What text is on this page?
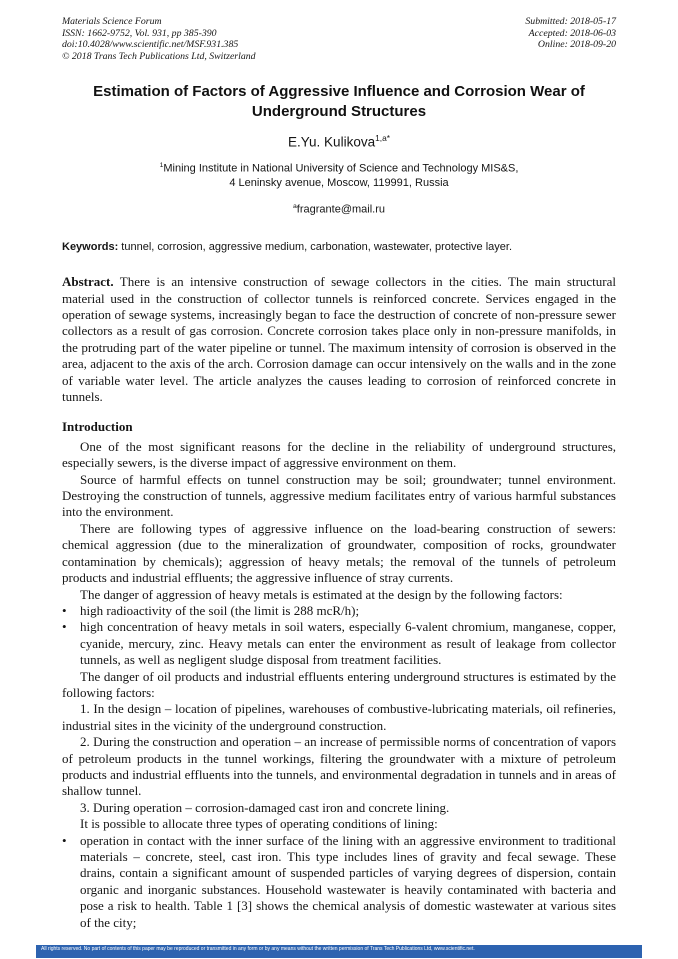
Materials Science Forum
ISSN: 1662-9752, Vol. 931, pp 385-390
doi:10.4028/www.scientific.net/MSF.931.385
© 2018 Trans Tech Publications Ltd, Switzerland
Submitted: 2018-05-17
Accepted: 2018-06-03
Online: 2018-09-20
Estimation of Factors of Aggressive Influence and Corrosion Wear of Underground Structures
E.Yu. Kulikova$^{1,a*}$
$^1$Mining Institute in National University of Science and Technology MIS&S,
4 Leninsky avenue, Moscow, 119991, Russia
$^a$fragrante@mail.ru

Keywords: tunnel, corrosion, aggressive medium, carbonation, wastewater, protective layer.

Abstract. There is an intensive construction of sewage collectors in the cities. The main structural material used in the construction of collector tunnels is reinforced concrete. Services engaged in the operation of sewage systems, increasingly began to face the destruction of concrete of non-pressure sewer collectors as a result of gas corrosion. Concrete corrosion takes place only in non-pressure manifolds, in the protruding part of the water pipeline or tunnel. The maximum intensity of corrosion is observed in the area, adjacent to the axis of the arch. Corrosion damage can occur intensively on the walls and in the zone of variable water level. The article analyzes the causes leading to corrosion of reinforced concrete in tunnels.

Introduction

One of the most significant reasons for the decline in the reliability of underground structures, especially sewers, is the diverse impact of aggressive environment on them.

Source of harmful effects on tunnel construction may be soil; groundwater; tunnel environment. Destroying the construction of tunnels, aggressive medium facilitates entry of various harmful substances into the environment.

There are following types of aggressive influence on the load-bearing construction of sewers: chemical aggression (due to the mineralization of groundwater, composition of rocks, groundwater contamination by chemicals); aggression of heavy metals; the removal of the tunnels of petroleum products and industrial effluents; the aggressive influence of stray currents.

The danger of aggression of heavy metals is estimated at the design by the following factors:

•	high radioactivity of the soil (the limit is 288 mcR/h);
•	high concentration of heavy metals in soil waters, especially 6-valent chromium, manganese, copper, cyanide, mercury, zinc. Heavy metals can enter the environment as result of leakage from collector tunnels, as well as negligent sludge disposal from treatment facilities.

The danger of oil products and industrial effluents entering underground structures is estimated by the following factors:

1. In the design – location of pipelines, warehouses of combustive-lubricating materials, oil refineries, industrial sites in the vicinity of the underground construction.

2. During the construction and operation – an increase of permissible norms of concentration of vapors of petroleum products in the tunnel workings, filtering the groundwater with a mixture of petroleum products and industrial effluents into the tunnels, and environmental degradation in tunnels and in areas of shallow tunnel.

3. During operation – corrosion-damaged cast iron and concrete lining.

It is possible to allocate three types of operating conditions of lining:

•	operation in contact with the inner surface of the lining with an aggressive environment to traditional materials – concrete, steel, cast iron. This type includes lines of gravity and fecal sewage. These drains, contain a significant amount of suspended particles of varying degrees of dispersion, contain organic and inorganic substances. Household wastewater is heavily contaminated with bacteria and pose a risk to health. Table 1 [3] shows the chemical analysis of domestic wastewater at various sites of the city;
All rights reserved. No part of contents of this paper may be reproduced or transmitted in any form or by any means without the written permission of Trans Tech Publications Ltd, www.scientific.net.
